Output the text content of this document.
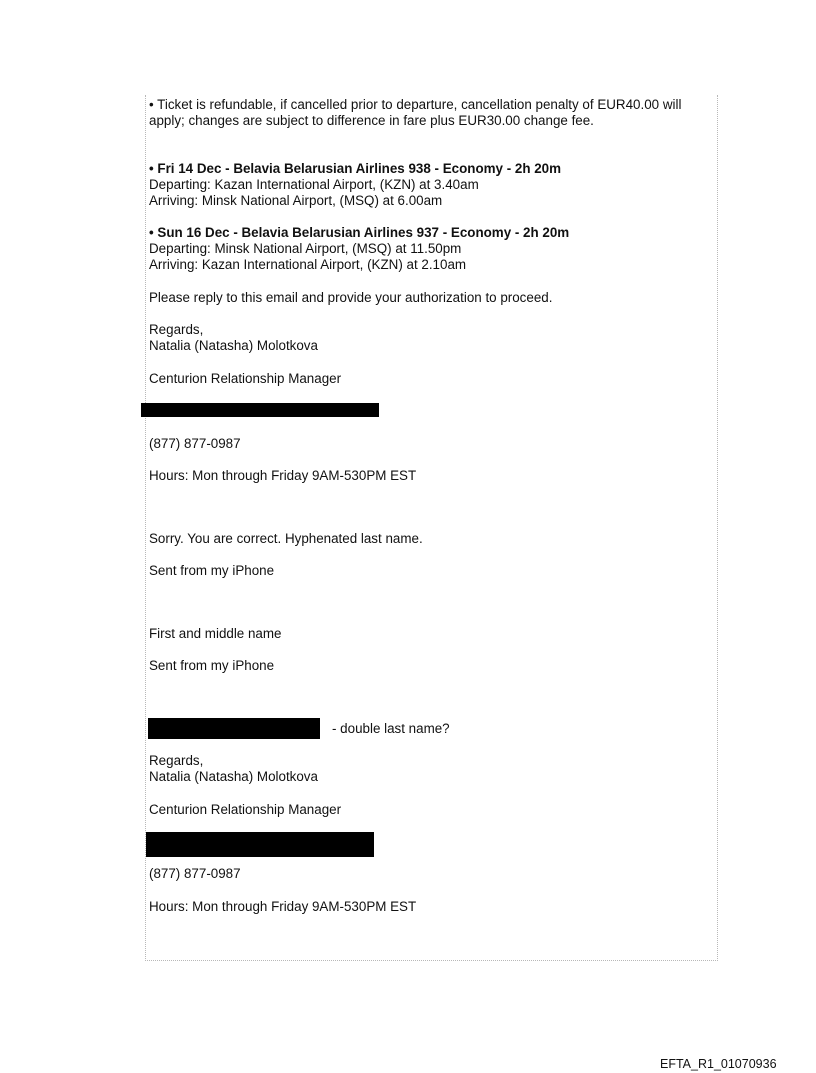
• Ticket is refundable, if cancelled prior to departure, cancellation penalty of EUR40.00 will
apply; changes are subject to difference in fare plus EUR30.00 change fee.
• Fri 14 Dec - Belavia Belarusian Airlines 938 - Economy - 2h 20m
Departing: Kazan International Airport, (KZN) at 3.40am
Arriving: Minsk National Airport, (MSQ) at 6.00am
• Sun 16 Dec - Belavia Belarusian Airlines 937 - Economy - 2h 20m
Departing: Minsk National Airport, (MSQ) at 11.50pm
Arriving: Kazan International Airport, (KZN) at 2.10am
Please reply to this email and provide your authorization to proceed.
Regards,
Natalia (Natasha) Molotkova
Centurion Relationship Manager
(877) 877-0987
Hours: Mon through Friday 9AM-530PM EST
Sorry. You are correct. Hyphenated last name.
Sent from my iPhone
First and middle name
Sent from my iPhone
- double last name?
Regards,
Natalia (Natasha) Molotkova
Centurion Relationship Manager
(877) 877-0987
Hours: Mon through Friday 9AM-530PM EST
EFTA_R1_01070936
